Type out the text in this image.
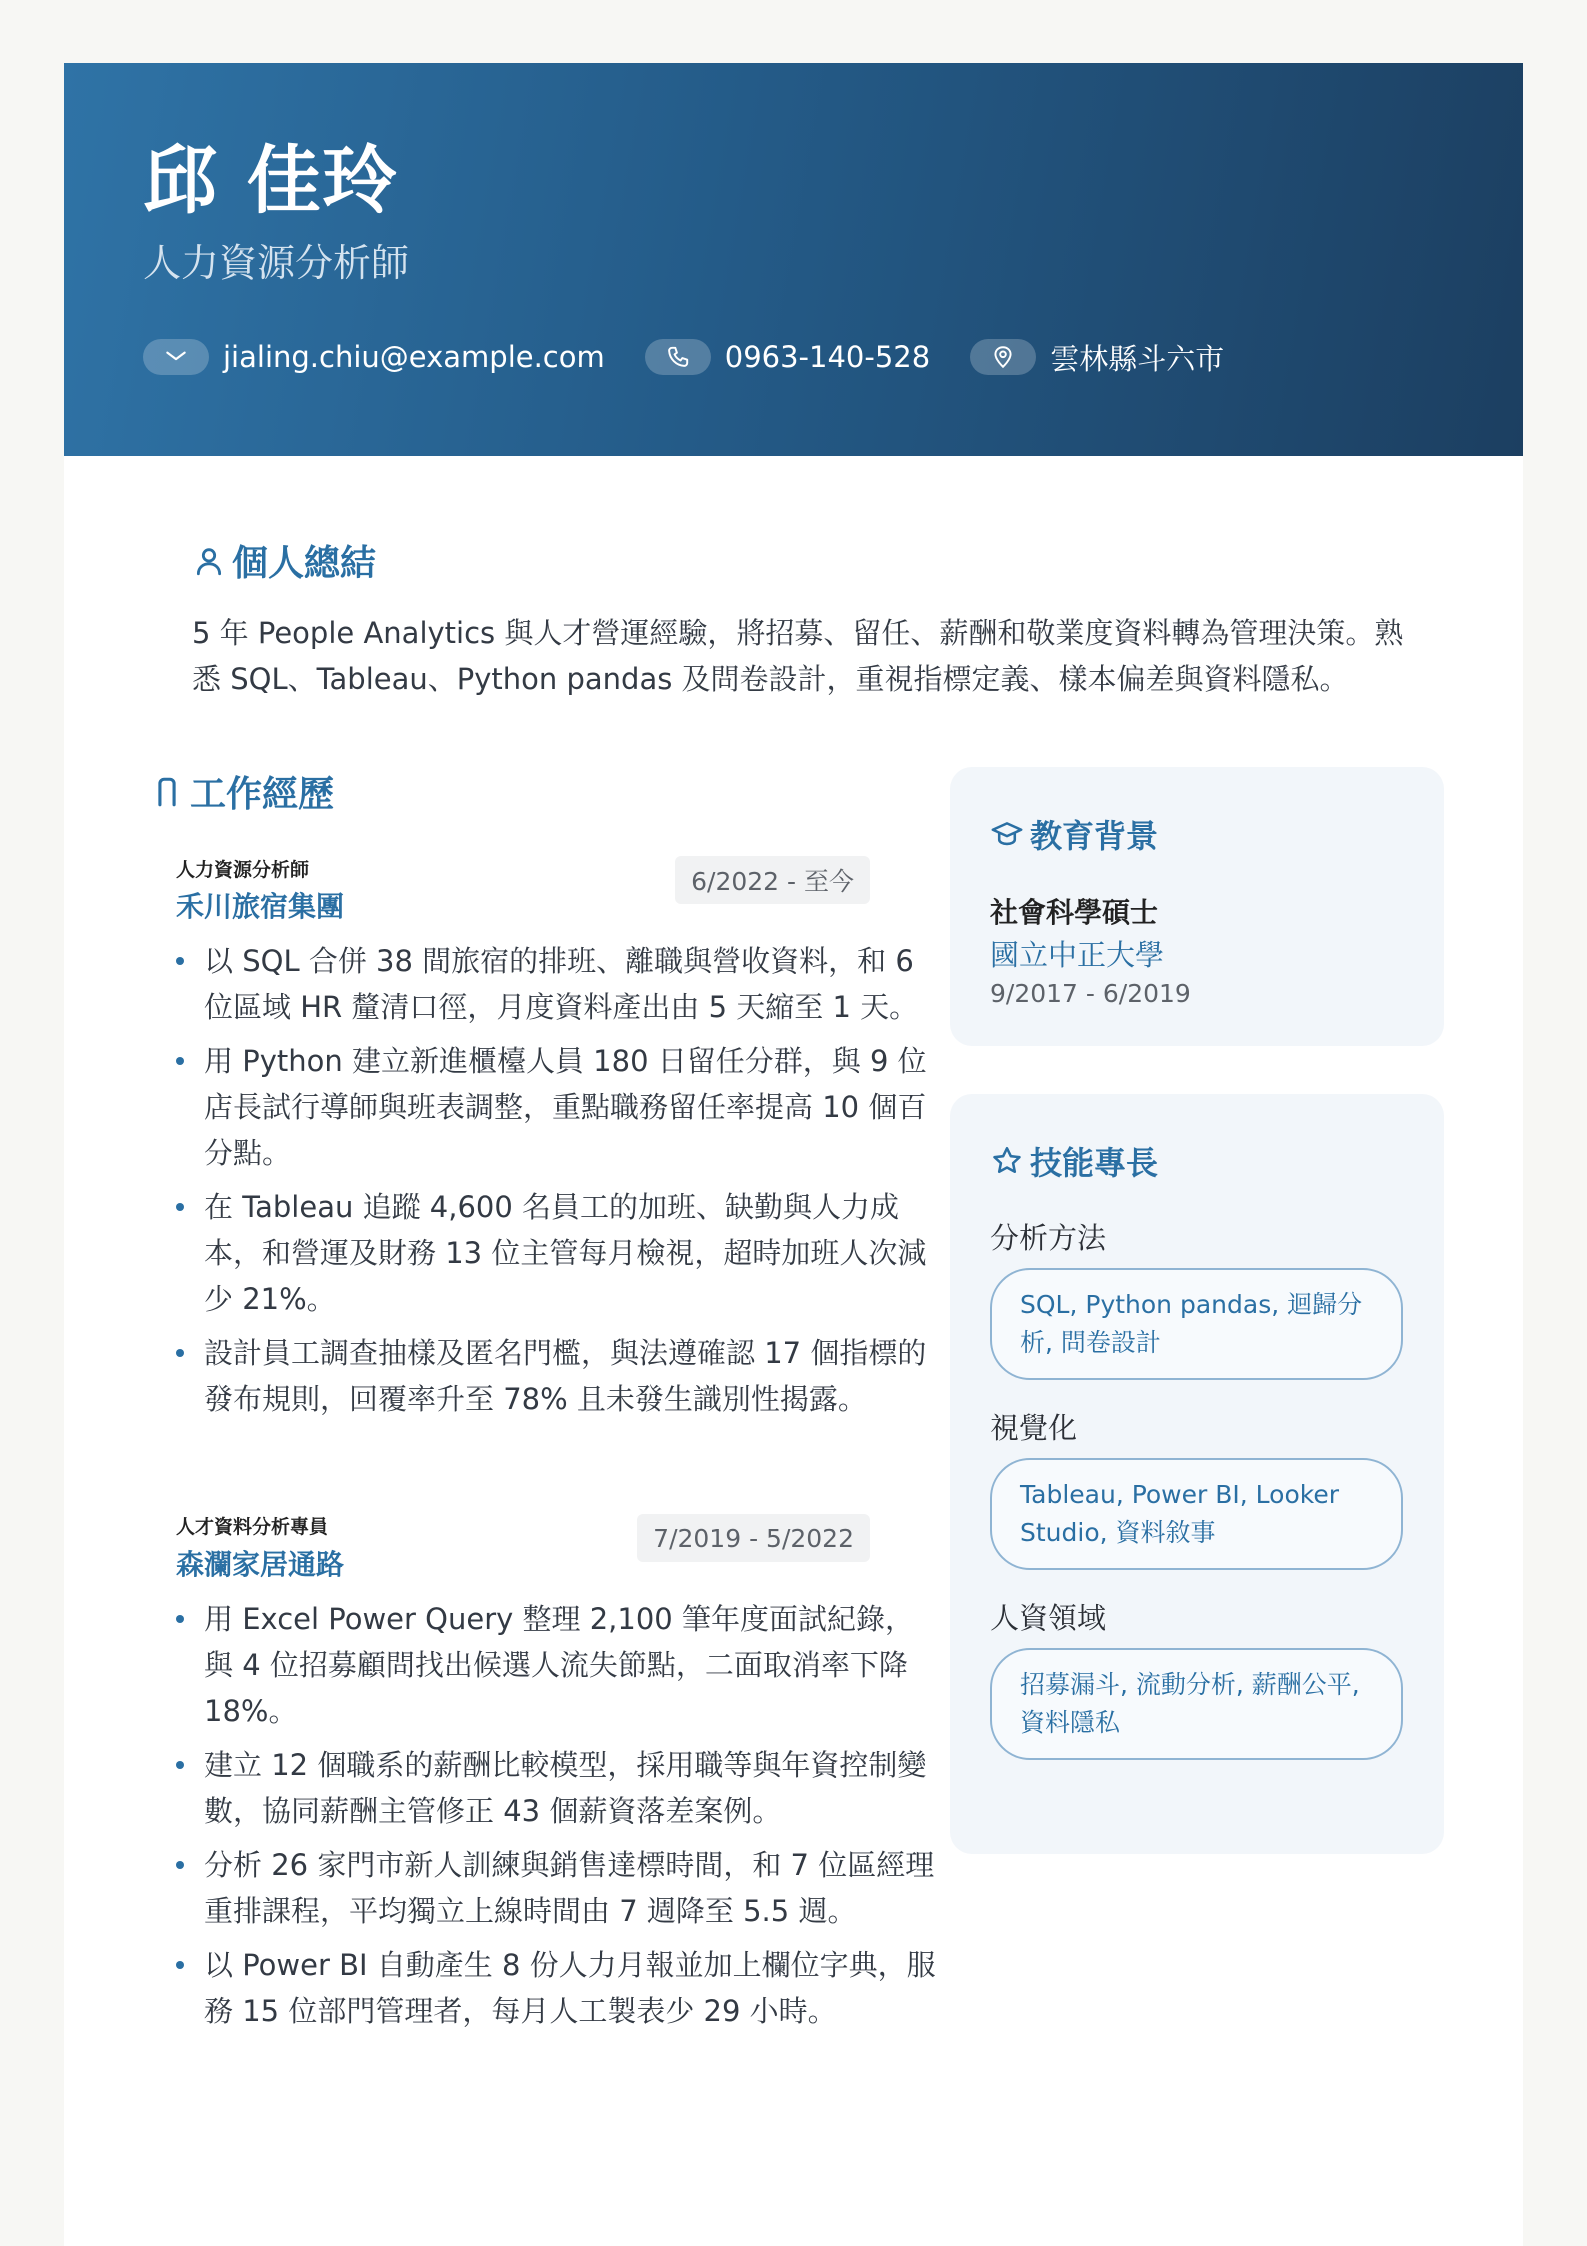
邱 佳玲
人力資源分析師
jialing.chiu@example.com	0963-140-528	雲林縣斗六市
個人總結
5 年 People Analytics 與人才營運經驗，將招募、留任、薪酬和敬業度資料轉為管理決策。熟悉 SQL、Tableau、Python pandas 及問卷設計，重視指標定義、樣本偏差與資料隱私。
工作經歷
人力資源分析師
禾川旅宿集團
6/2022 - 至今
以 SQL 合併 38 間旅宿的排班、離職與營收資料，和 6 位區域 HR 釐清口徑，月度資料產出由 5 天縮至 1 天。
用 Python 建立新進櫃檯人員 180 日留任分群，與 9 位店長試行導師與班表調整，重點職務留任率提高 10 個百分點。
在 Tableau 追蹤 4,600 名員工的加班、缺勤與人力成本，和營運及財務 13 位主管每月檢視，超時加班人次減少 21%。
設計員工調查抽樣及匿名門檻，與法遵確認 17 個指標的發布規則，回覆率升至 78% 且未發生識別性揭露。
人才資料分析專員
森瀾家居通路
7/2019 - 5/2022
用 Excel Power Query 整理 2,100 筆年度面試紀錄，與 4 位招募顧問找出候選人流失節點，二面取消率下降 18%。
建立 12 個職系的薪酬比較模型，採用職等與年資控制變數，協同薪酬主管修正 43 個薪資落差案例。
分析 26 家門市新人訓練與銷售達標時間，和 7 位區經理重排課程，平均獨立上線時間由 7 週降至 5.5 週。
以 Power BI 自動產生 8 份人力月報並加上欄位字典，服務 15 位部門管理者，每月人工製表少 29 小時。
教育背景
社會科學碩士
國立中正大學
9/2017 - 6/2019
技能專長
分析方法
SQL, Python pandas, 迴歸分析, 問卷設計
視覺化
Tableau, Power BI, Looker Studio, 資料敘事
人資領域
招募漏斗, 流動分析, 薪酬公平, 資料隱私
